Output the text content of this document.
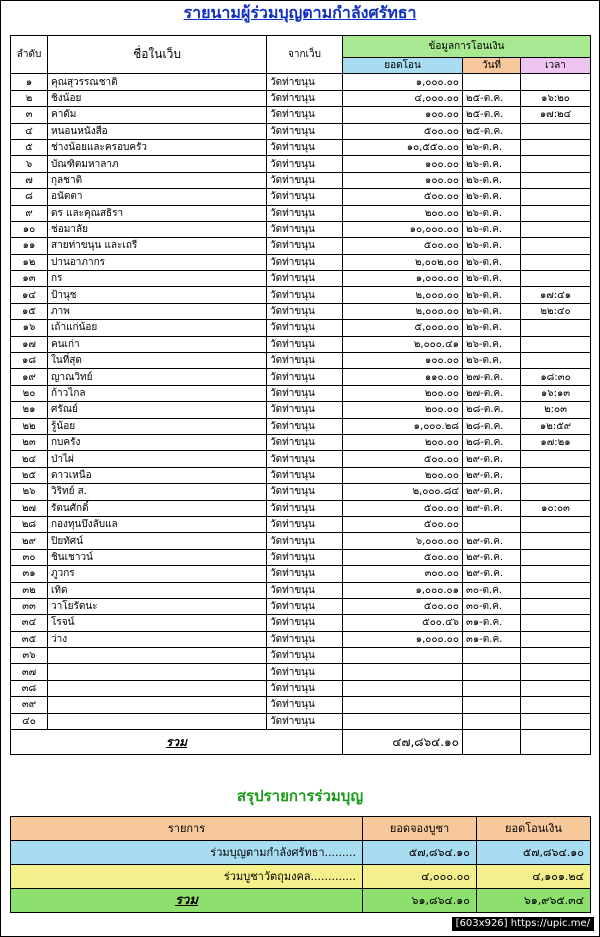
รายนามผู้ร่วมบุญตามกำลังศรัทธา
ลำดับ	ชื่อในเว็บ	จากเว็บ	ข้อมูลการโอนเงิน		
			ยอดโอน	วันที่	เวลา
๑	คุณสุวรรณชาติ	วัดท่าขนุน	๑,๐๐๐.๐๐		
๒	ชิงน้อย	วัดท่าขนุน	๔,๐๐๐.๐๐	๒๕-ต.ค.	๑๖:๒๐
๓	คาดัม	วัดท่าขนุน	๑๐๐.๐๐	๒๕-ต.ค.	๑๗:๒๔
๔	หนอนหนังสือ	วัดท่าขนุน	๕๐๐.๐๐	๒๕-ต.ค.	
๕	ช่างน้อยและครอบครัว	วัดท่าขนุน	๑๐,๕๕๐.๐๐	๒๖-ต.ค.	
๖	บัณฑิตมหาลาภ	วัดท่าขนุน	๑๐๐.๐๐	๒๖-ต.ค.	
๗	กุลชาติ	วัดท่าขนุน	๑๐๐.๐๐	๒๖-ต.ค.	
๘	อนัตตา	วัดท่าขนุน	๕๐๐.๐๐	๒๖-ต.ค.	
๙	ดร และคุณสธิรา	วัดท่าขนุน	๒๐๐.๐๐	๒๖-ต.ค.	
๑๐	ช่อมาลัย	วัดท่าขนุน	๑๐,๐๐๐.๐๐	๒๖-ต.ค.	
๑๑	สายท่าขนุน และเถรี	วัดท่าขนุน	๕๐๐.๐๐	๒๖-ต.ค.	
๑๒	ปานอาภากร	วัดท่าขนุน	๒,๐๐๒.๐๐	๒๖-ต.ค.	
๑๓	กร	วัดท่าขนุน	๑,๐๐๐.๐๐	๒๖-ต.ค.	
๑๔	ป้านุช	วัดท่าขนุน	๒,๐๐๐.๐๐	๒๖-ต.ค.	๑๗:๔๑
๑๕	ภาพ	วัดท่าขนุน	๒,๐๐๐.๐๐	๒๖-ต.ค.	๒๒:๔๐
๑๖	เถ้าแก่น้อย	วัดท่าขนุน	๕,๐๐๐.๐๐	๒๖-ต.ค.	
๑๗	คนเก่า	วัดท่าขนุน	๒,๐๐๐.๔๑	๒๖-ต.ค.	
๑๘	ในที่สุด	วัดท่าขนุน	๑๐๐.๐๐	๒๖-ต.ค.	
๑๙	ญาณวิทย์	วัดท่าขนุน	๑๑๐.๐๐	๒๗-ต.ค.	๑๘:๓๐
๒๐	ก้าวไกล	วัดท่าขนุน	๒๐๐.๐๐	๒๗-ต.ค.	๑๖:๑๓
๒๑	ศรัณย์	วัดท่าขนุน	๒๐๐.๐๐	๒๘-ต.ค.	๒:๐๓
๒๒	รู้น้อย	วัดท่าขนุน	๑,๐๐๐.๒๘	๒๘-ต.ค.	๑๒:๕๙
๒๓	กบครัง	วัดท่าขนุน	๒๐๐.๐๐	๒๘-ต.ค.	๑๗:๒๑
๒๔	ป่าไผ่	วัดท่าขนุน	๕๐๐.๐๐	๒๙-ต.ค.	
๒๕	ดาวเหนือ	วัดท่าขนุน	๒๐๐.๐๐	๒๙-ต.ค.	
๒๖	วิริทย์ ส.	วัดท่าขนุน	๒,๐๐๐.๘๔	๒๙-ต.ค.	
๒๗	รัตนศักดิ์	วัดท่าขนุน	๕๐๐.๐๐	๒๙-ต.ค.	๑๐:๐๓
๒๘	กองทุนบึงลับแล	วัดท่าขนุน	๕๐๐.๐๐		
๒๙	ปิยทัศน์	วัดท่าขนุน	๖,๐๐๐.๐๐	๒๙-ต.ค.	
๓๐	ชินเชาวน์	วัดท่าขนุน	๕๐๐.๐๐	๒๙-ต.ค.	
๓๑	ภูวกร	วัดท่าขนุน	๓๐๐.๐๐	๒๙-ต.ค.	
๓๒	เทิด	วัดท่าขนุน	๑,๐๐๐.๐๑	๓๐-ต.ค.	
๓๓	วาโยรัตนะ	วัดท่าขนุน	๕๐๐.๐๐	๓๐-ต.ค.	
๓๔	โรจน์	วัดท่าขนุน	๕๐๐.๔๖	๓๑-ต.ค.	
๓๕	ว่าง	วัดท่าขนุน	๑,๐๐๐.๐๐	๓๑-ต.ค.	
๓๖		วัดท่าขนุน			
๓๗		วัดท่าขนุน			
๓๘		วัดท่าขนุน			
๓๙		วัดท่าขนุน			
๔๐		วัดท่าขนุน			
รวม			๔๗,๘๖๔.๑๐		
สรุปรายการร่วมบุญ
รายการ	ยอดจองบูชา	ยอดโอนเงิน
ร่วมบุญตามกำลังศรัทธา.........	๕๗,๘๖๔.๑๐	๕๗,๘๖๔.๑๐
ร่วมบูชาวัตถุมงคล.............	๔,๐๐๐.๐๐	๔,๑๐๑.๒๔
รวม	๖๑,๘๖๔.๑๐	๖๑,๙๖๕.๓๔
[603x926] https://upic.me/
